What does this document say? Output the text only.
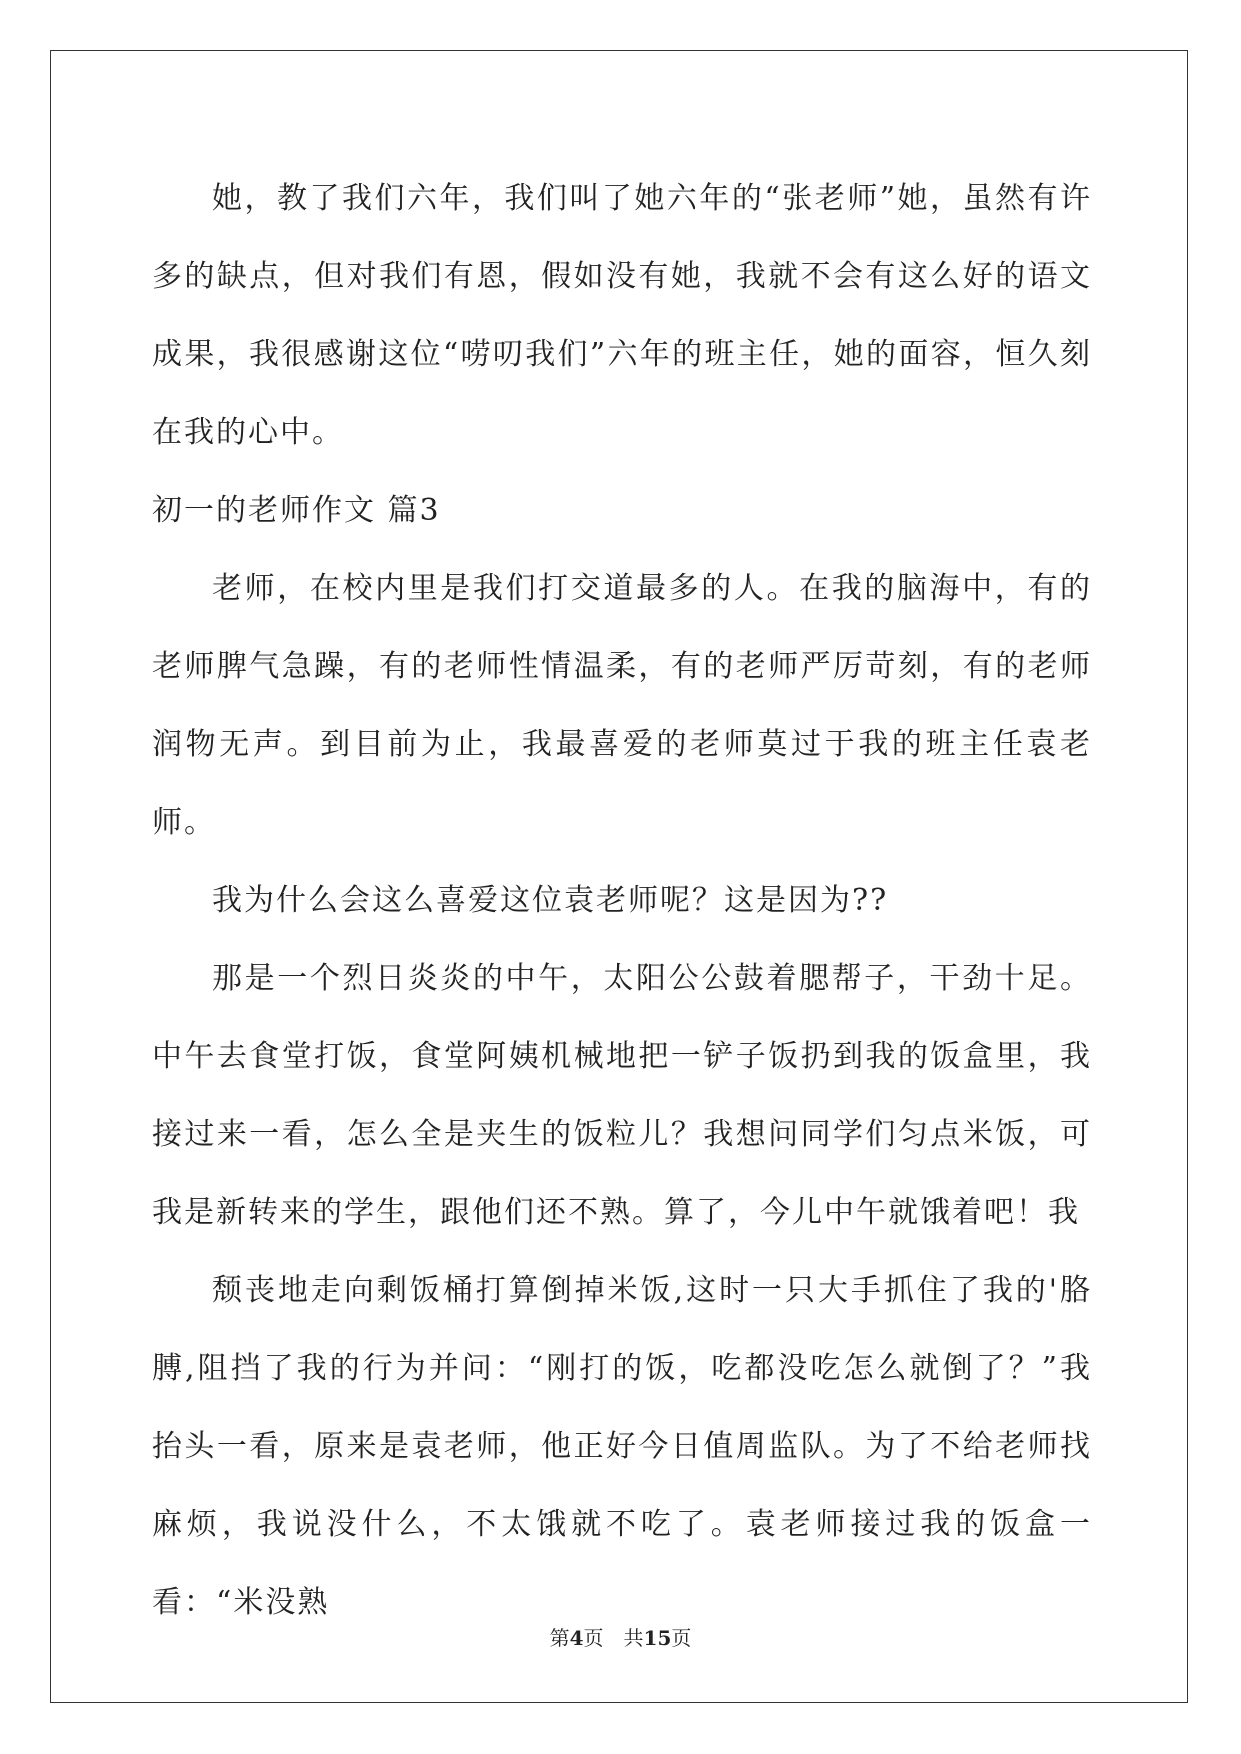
她，教了我们六年，我们叫了她六年的“张老师”她，虽然有许多的缺点，但对我们有恩，假如没有她，我就不会有这么好的语文成果，我很感谢这位“唠叨我们”六年的班主任，她的面容，恒久刻在我的心中。

初一的老师作文 篇3

老师，在校内里是我们打交道最多的人。在我的脑海中，有的老师脾气急躁，有的老师性情温柔，有的老师严厉苛刻，有的老师润物无声。到目前为止，我最喜爱的老师莫过于我的班主任袁老师。

我为什么会这么喜爱这位袁老师呢？这是因为??

那是一个烈日炎炎的中午，太阳公公鼓着腮帮子，干劲十足。中午去食堂打饭，食堂阿姨机械地把一铲子饭扔到我的饭盒里，我接过来一看，怎么全是夹生的饭粒儿？我想问同学们匀点米饭，可我是新转来的学生，跟他们还不熟。算了，今儿中午就饿着吧！我

颓丧地走向剩饭桶打算倒掉米饭,这时一只大手抓住了我的'胳膊,阻挡了我的行为并问：“刚打的饭，吃都没吃怎么就倒了？”我抬头一看，原来是袁老师，他正好今日值周监队。为了不给老师找麻烦，我说没什么，不太饿就不吃了。袁老师接过我的饭盒一看：“米没熟

第4页 共15页
